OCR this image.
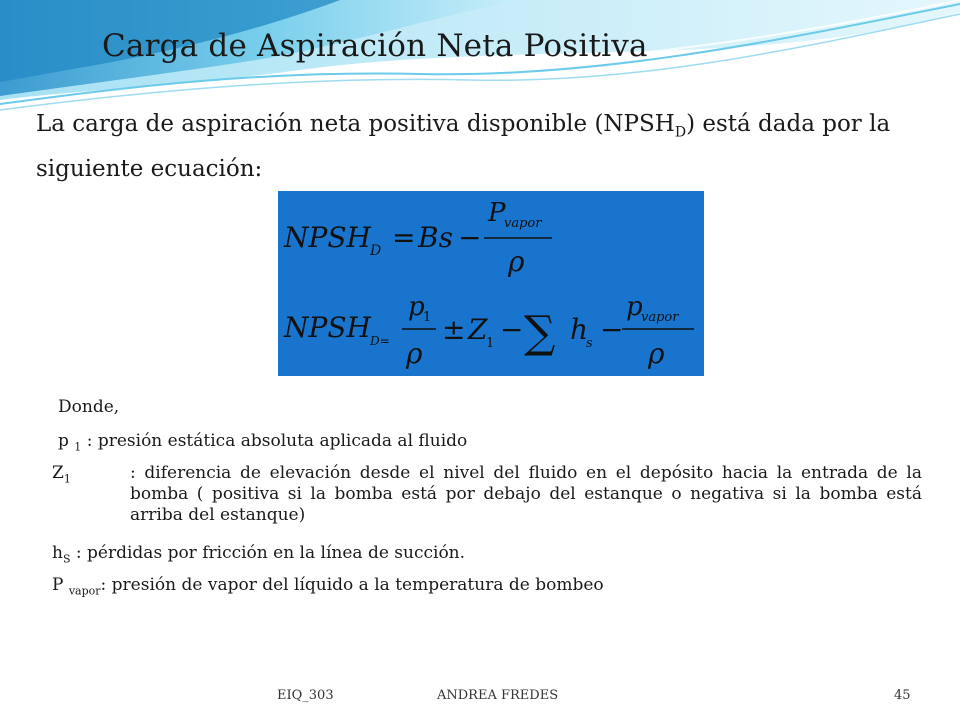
Carga de Aspiración Neta Positiva
La carga de aspiración neta positiva disponible $(NPSH_D)$ está dada por la siguiente ecuación:
NPSH D = Bs −
P
vapor
ρ
NPSH D=
p
1
ρ
± Z
1 − ∑ h
s −
p
vapor
ρ
Donde,
p $_1$ : presión estática absoluta aplicada al fluido
$Z_1$	: diferencia de elevación desde el nivel del fluido en el depósito hacia la entrada de la bomba ( positiva si la bomba está por debajo del estanque o negativa si la bomba está arriba del estanque)
$h_S$ : pérdidas por fricción en la línea de succión.
P $_{vapor}$: presión de vapor del líquido a la temperatura de bombeo
EIQ_303	ANDREA FREDES	45
